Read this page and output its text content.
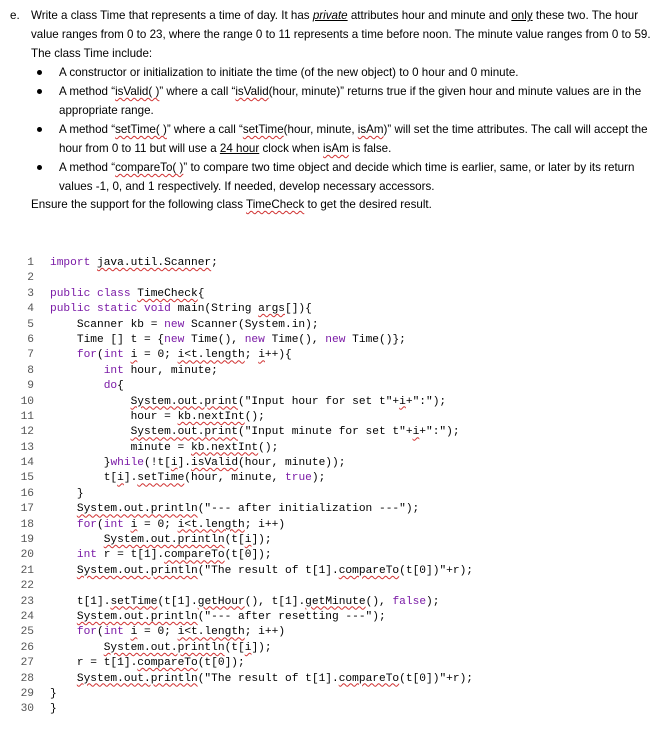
e. Write a class Time that represents a time of day. It has private attributes hour and minute and only these two. The hour value ranges from 0 to 23, where the range 0 to 11 represents a time before noon. The minute value ranges from 0 to 59. The class Time include:
A constructor or initialization to initiate the time (of the new object) to 0 hour and 0 minute.
A method “isValid( )” where a call “isValid(hour, minute)” returns true if the given hour and minute values are in the appropriate range.
A method “setTime( )” where a call “setTime(hour, minute, isAm)” will set the time attributes. The call will accept the hour from 0 to 11 but will use a 24 hour clock when isAm is false.
A method “compareTo( )” to compare two time object and decide which time is earlier, same, or later by its return values -1, 0, and 1 respectively. If needed, develop necessary accessors.
Ensure the support for the following class TimeCheck to get the desired result.
1 import java.util.Scanner;
2
3 public class TimeCheck{
4 public static void main(String args[]){
5    Scanner kb = new Scanner(System.in);
6    Time [] t = {new Time(), new Time(), new Time()};
7	for(int i = 0; i<t.length; i++){
8	int hour, minute;
9	do{
10	System.out.print("Input hour for set t"+i+":");
11            hour = kb.nextInt();
12	System.out.print("Input minute for set t"+i+":");
13            minute = kb.nextInt();
14        }while(!t[i].isValid(hour, minute));
15        t[i].setTime(hour, minute, true);
16    }
17	System.out.println("--- after initialization ---");
18	for(int i = 0; i<t.length; i++)
19	System.out.println(t[i]);
20	int r = t[1].compareTo(t[0]);
21	System.out.println("The result of t[1].compareTo(t[0])"+r);
22
23    t[1].setTime(t[1].getHour(), t[1].getMinute(), false);
24	System.out.println("--- after resetting ---");
25	for(int i = 0; i<t.length; i++)
26	System.out.println(t[i]);
27    r = t[1].compareTo(t[0]);
28	System.out.println("The result of t[1].compareTo(t[0])"+r);
29 }
30 }
